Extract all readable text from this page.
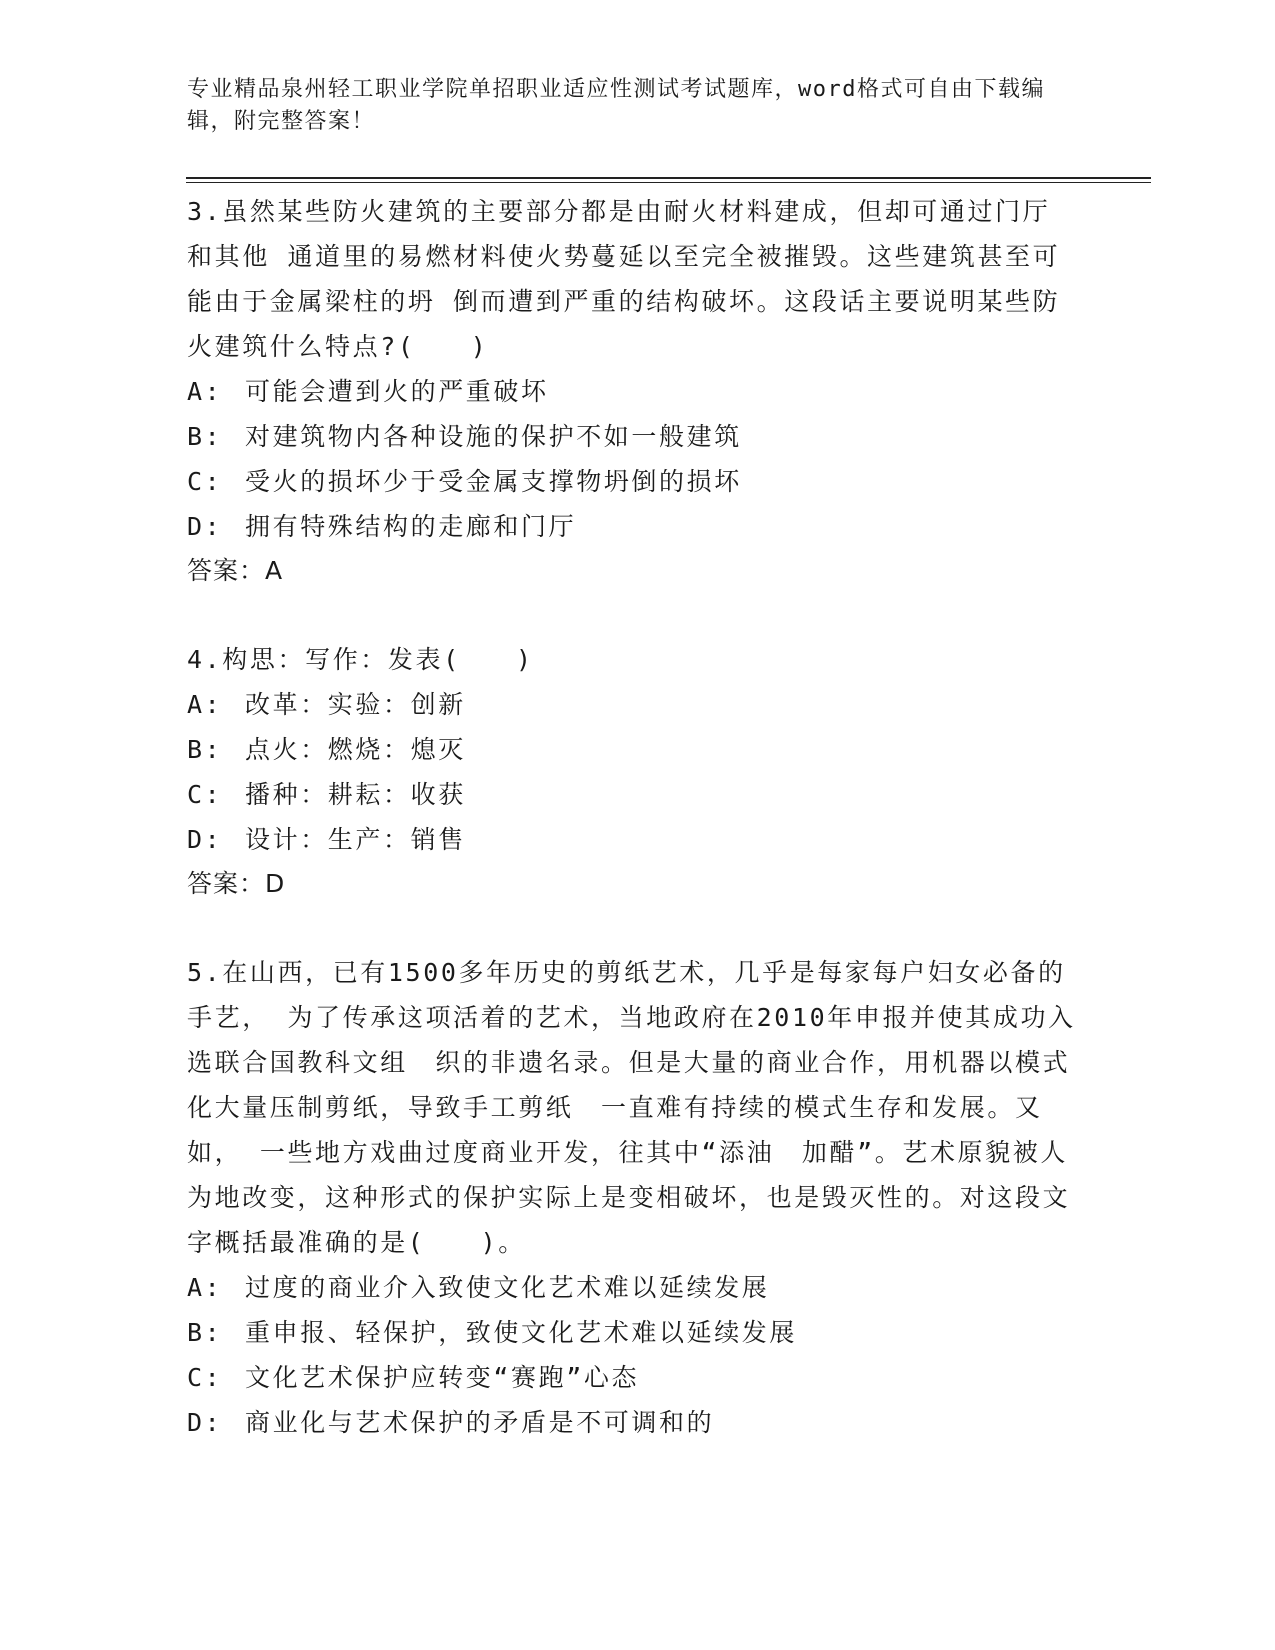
专业精品泉州轻工职业学院单招职业适应性测试考试题库，word格式可自由下载编辑，附完整答案！

3.虽然某些防火建筑的主要部分都是由耐火材料建成，但却可通过门厅和其他 通道里的易燃材料使火势蔓延以至完全被摧毁。这些建筑甚至可能由于金属梁柱的坍 倒而遭到严重的结构破坏。这段话主要说明某些防火建筑什么特点?(　　)

A: 可能会遭到火的严重破坏

B: 对建筑物内各种设施的保护不如一般建筑

C: 受火的损坏少于受金属支撑物坍倒的损坏

D: 拥有特殊结构的走廊和门厅

答案：A

4.构思：写作：发表(　　)

A: 改革：实验：创新

B: 点火：燃烧：熄灭

C: 播种：耕耘：收获

D: 设计：生产：销售

答案：D

5.在山西，已有1500多年历史的剪纸艺术，几乎是每家每户妇女必备的手艺， 为了传承这项活着的艺术，当地政府在2010年申报并使其成功入选联合国教科文组　织的非遗名录。但是大量的商业合作，用机器以模式化大量压制剪纸，导致手工剪纸　一直难有持续的模式生存和发展。又如， 一些地方戏曲过度商业开发，往其中“添油　加醋”。艺术原貌被人为地改变，这种形式的保护实际上是变相破坏，也是毁灭性的。对这段文字概括最准确的是(　　)。

A: 过度的商业介入致使文化艺术难以延续发展

B: 重申报、轻保护，致使文化艺术难以延续发展

C: 文化艺术保护应转变“赛跑”心态

D: 商业化与艺术保护的矛盾是不可调和的
